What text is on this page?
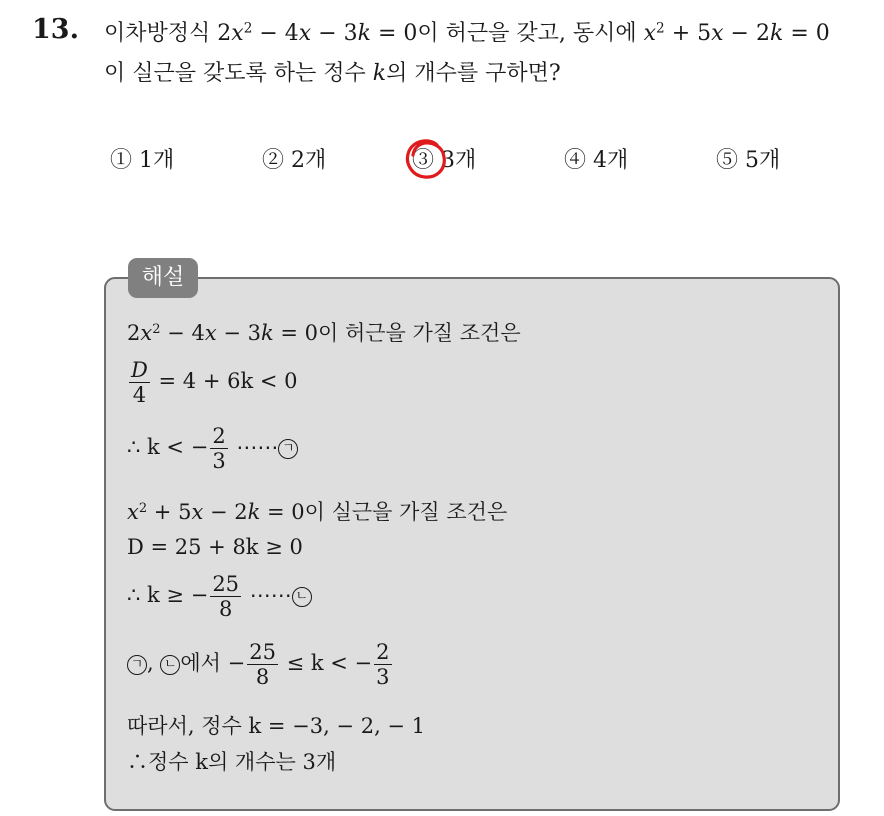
13. 이차방정식 $2x^2 - 4x - 3k = 0$이 허근을 갖고, 동시에 $x^2 + 5x - 2k = 0$
이 실근을 갖도록 하는 정수 k의 개수를 구하면?
① 1개	② 2개	③ 3개	④ 4개	⑤ 5개
해설
$2x^2 - 4x - 3k = 0$이 허근을 가질 조건은
$\frac{D}{4} = 4 + 6k < 0$
∴ k < − $\frac{2}{3}$ ⋯⋯ ㄱ
$x^2 + 5x - 2k = 0$이 실근을 가질 조건은
D = 25 + 8k ≥ 0
∴ k ≥ − $\frac{25}{8}$ ⋯⋯ ㄴ
ㄱ , ㄴ 에서 − $\frac{25}{8} \le k$ < − $\frac{2}{3}$
따라서, 정수 k = −3, − 2, − 1
∴정수 k의 개수는 3개
